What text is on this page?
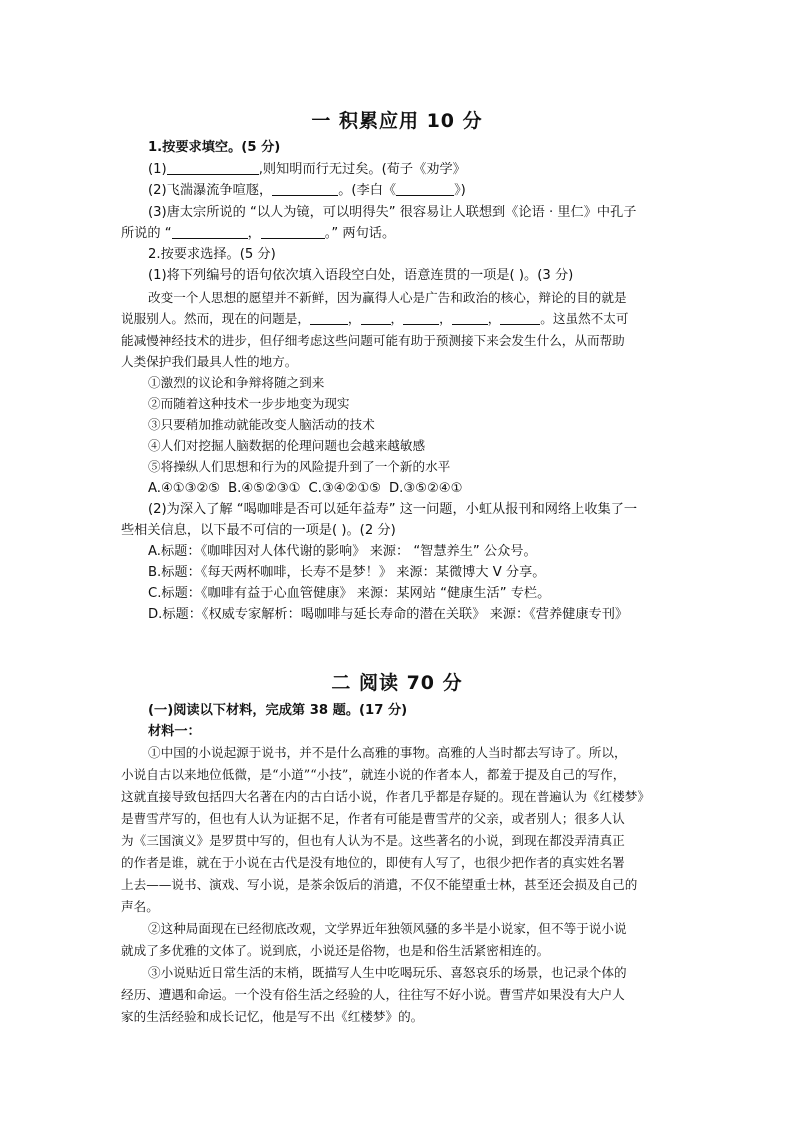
一 积累应用 10 分
1.按要求填空。(5 分)
(1)	,则知明而行无过矣。(荀子《劝学》
(2)飞湍瀑流争喧豗，	。(李白《	》)
(3)唐太宗所说的 “以人为镜，可以明得失” 很容易让人联想到《论语 · 里仁》中孔子
所说的 “	，	。” 两句话。
2.按要求选择。(5 分)
(1)将下列编号的语句依次填入语段空白处，语意连贯的一项是( )。(3 分)
改变一个人思想的愿望并不新鲜，因为赢得人心是广告和政治的核心，辩论的目的就是
说服别人。然而，现在的问题是，	， ，	，	，	。这虽然不太可
能减慢神经技术的进步，但仔细考虑这些问题可能有助于预测接下来会发生什么，从而帮助
人类保护我们最具人性的地方。
①激烈的议论和争辩将随之到来
②而随着这种技术一步步地变为现实
③只要稍加推动就能改变人脑活动的技术
④人们对挖掘人脑数据的伦理问题也会越来越敏感
⑤将操纵人们思想和行为的风险提升到了一个新的水平
A.④①③②⑤ B.④⑤②③① C.③④②①⑤ D.③⑤②④①
(2)为深入了解 “喝咖啡是否可以延年益寿” 这一问题，小虹从报刊和网络上收集了一
些相关信息，以下最不可信的一项是( )。(2 分)
A.标题：《咖啡因对人体代谢的影响》 来源： “智慧养生” 公众号。
B.标题：《每天两杯咖啡，长寿不是梦！》 来源：某微博大 V 分享。
C.标题：《咖啡有益于心血管健康》 来源：某网站 “健康生活” 专栏。
D.标题：《权威专家解析：喝咖啡与延长寿命的潜在关联》 来源：《营养健康专刊》
二 阅读 70 分
(一)阅读以下材料，完成第 38 题。(17 分)
材料一：
①中国的小说起源于说书，并不是什么高雅的事物。高雅的人当时都去写诗了。所以，
小说自古以来地位低微，是“小道”“小技”，就连小说的作者本人，都羞于提及自己的写作，
这就直接导致包括四大名著在内的古白话小说，作者几乎都是存疑的。现在普遍认为《红楼梦》
是曹雪芹写的，但也有人认为证据不足，作者有可能是曹雪芹的父亲，或者别人；很多人认
为《三国演义》是罗贯中写的，但也有人认为不是。这些著名的小说，到现在都没弄清真正
的作者是谁，就在于小说在古代是没有地位的，即使有人写了，也很少把作者的真实姓名署
上去——说书、演戏、写小说，是茶余饭后的消遣，不仅不能望重士林，甚至还会损及自己的
声名。
②这种局面现在已经彻底改观，文学界近年独领风骚的多半是小说家，但不等于说小说
就成了多优雅的文体了。说到底，小说还是俗物，也是和俗生活紧密相连的。
③小说贴近日常生活的末梢，既描写人生中吃喝玩乐、喜怒哀乐的场景，也记录个体的
经历、遭遇和命运。一个没有俗生活之经验的人，往往写不好小说。曹雪芹如果没有大户人
家的生活经验和成长记忆，他是写不出《红楼梦》的。
